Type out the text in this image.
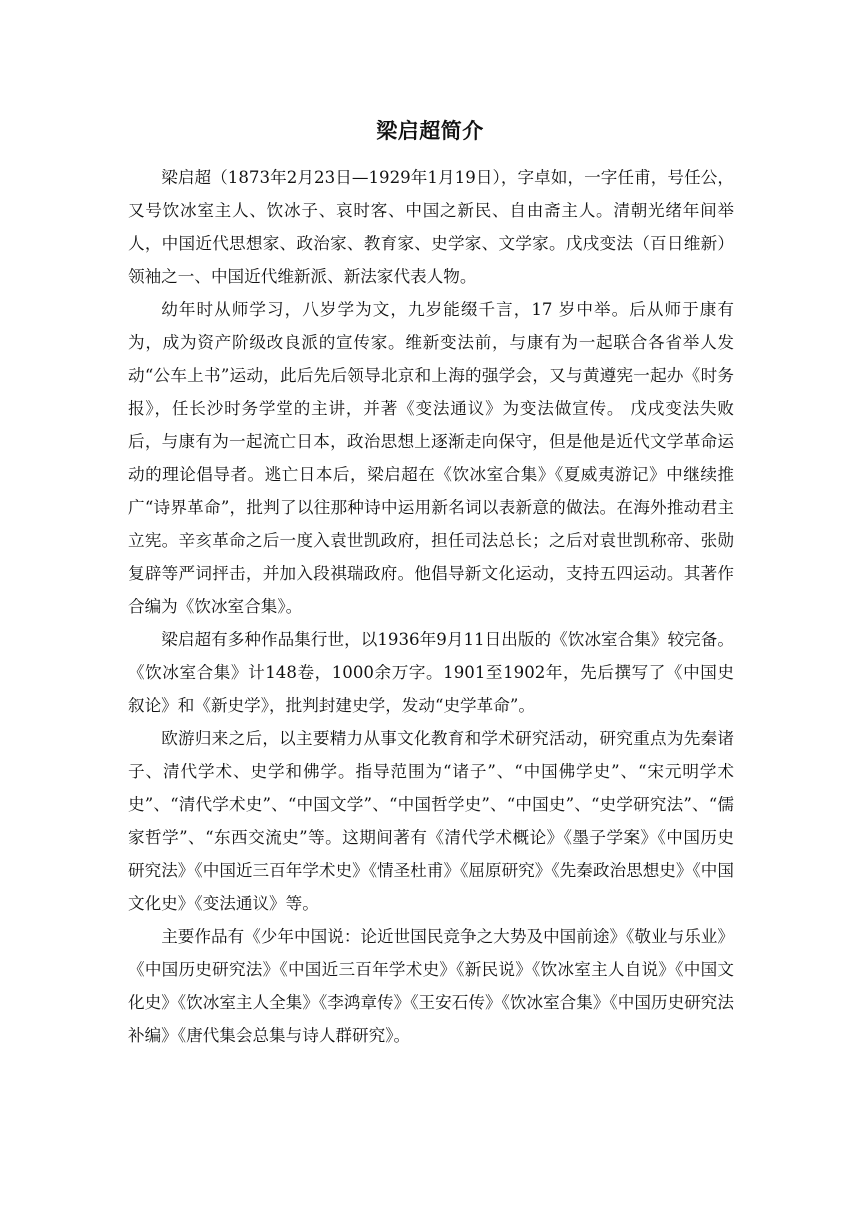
梁启超简介

梁启超（1873年2月23日—1929年1月19日），字卓如，一字任甫，号任公，又号饮冰室主人、饮冰子、哀时客、中国之新民、自由斋主人。清朝光绪年间举人，中国近代思想家、政治家、教育家、史学家、文学家。戊戌变法（百日维新）领袖之一、中国近代维新派、新法家代表人物。

幼年时从师学习，八岁学为文，九岁能缀千言，17 岁中举。后从师于康有为，成为资产阶级改良派的宣传家。维新变法前，与康有为一起联合各省举人发动“公车上书”运动，此后先后领导北京和上海的强学会，又与黄遵宪一起办《时务报》，任长沙时务学堂的主讲，并著《变法通议》为变法做宣传。 戊戌变法失败后，与康有为一起流亡日本，政治思想上逐渐走向保守，但是他是近代文学革命运动的理论倡导者。逃亡日本后，梁启超在《饮冰室合集》《夏威夷游记》中继续推广“诗界革命”，批判了以往那种诗中运用新名词以表新意的做法。在海外推动君主立宪。辛亥革命之后一度入袁世凯政府，担任司法总长；之后对袁世凯称帝、张勋复辟等严词抨击，并加入段祺瑞政府。他倡导新文化运动，支持五四运动。其著作合编为《饮冰室合集》。

梁启超有多种作品集行世，以1936年9月11日出版的《饮冰室合集》较完备。《饮冰室合集》计148卷，1000余万字。1901至1902年，先后撰写了《中国史叙论》和《新史学》，批判封建史学，发动“史学革命”。

欧游归来之后，以主要精力从事文化教育和学术研究活动，研究重点为先秦诸子、清代学术、史学和佛学。指导范围为“诸子”、“中国佛学史”、“宋元明学术史”、“清代学术史”、“中国文学”、“中国哲学史”、“中国史”、“史学研究法”、“儒家哲学”、“东西交流史”等。这期间著有《清代学术概论》《墨子学案》《中国历史研究法》《中国近三百年学术史》《情圣杜甫》《屈原研究》《先秦政治思想史》《中国文化史》《变法通议》等。

主要作品有《少年中国说：论近世国民竞争之大势及中国前途》《敬业与乐业》《中国历史研究法》《中国近三百年学术史》《新民说》《饮冰室主人自说》《中国文化史》《饮冰室主人全集》《李鸿章传》《王安石传》《饮冰室合集》《中国历史研究法补编》《唐代集会总集与诗人群研究》。
